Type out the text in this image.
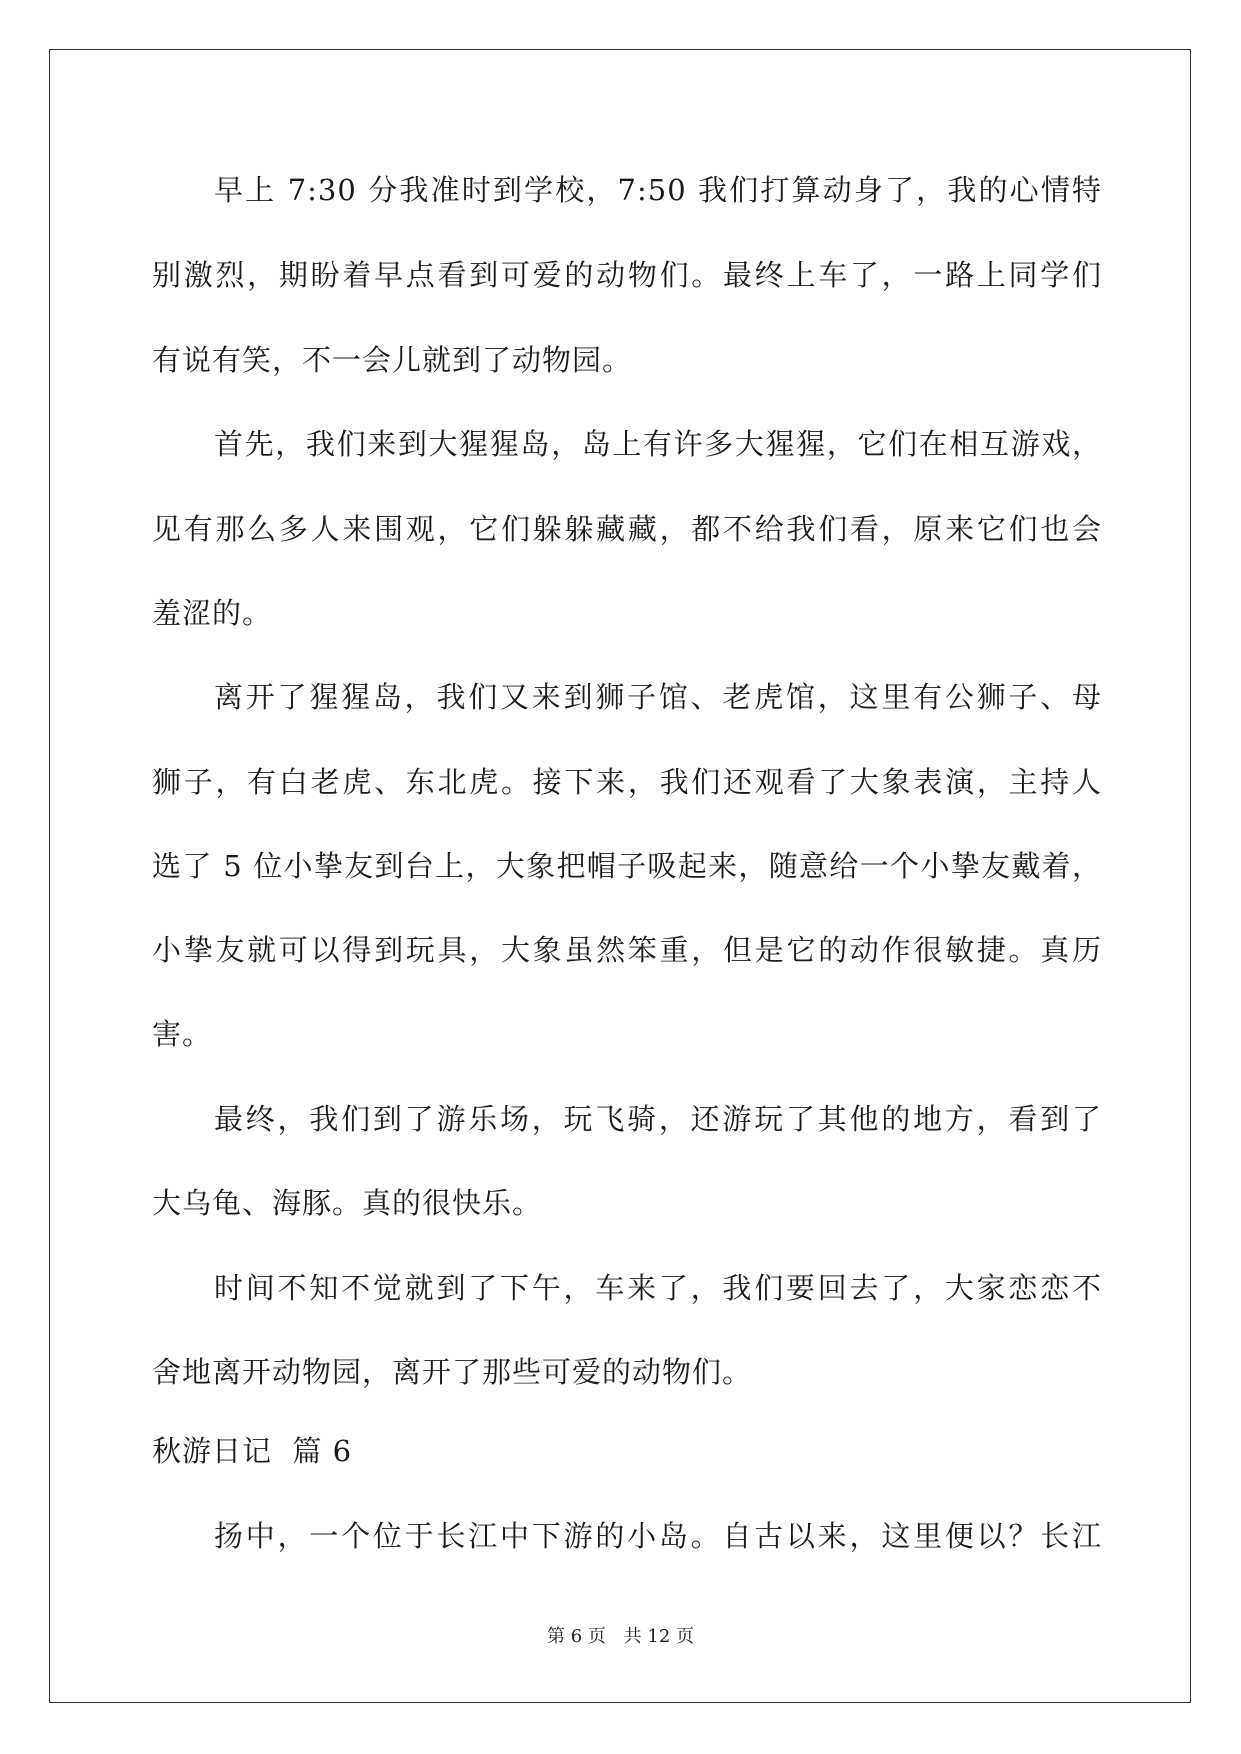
早上 7:30 分我准时到学校，7:50 我们打算动身了，我的心情特
别激烈，期盼着早点看到可爱的动物们。最终上车了，一路上同学们
有说有笑，不一会儿就到了动物园。
首先，我们来到大猩猩岛，岛上有许多大猩猩，它们在相互游戏，
见有那么多人来围观，它们躲躲藏藏，都不给我们看，原来它们也会
羞涩的。
离开了猩猩岛，我们又来到狮子馆、老虎馆，这里有公狮子、母
狮子，有白老虎、东北虎。接下来，我们还观看了大象表演，主持人
选了 5 位小挚友到台上，大象把帽子吸起来，随意给一个小挚友戴着，
小挚友就可以得到玩具，大象虽然笨重，但是它的动作很敏捷。真历
害。
最终，我们到了游乐场，玩飞骑，还游玩了其他的地方，看到了
大乌龟、海豚。真的很快乐。
时间不知不觉就到了下午，车来了，我们要回去了，大家恋恋不
舍地离开动物园，离开了那些可爱的动物们。
秋游日记  篇 6
扬中，一个位于长江中下游的小岛。自古以来，这里便以？长江
第 6 页 共 12 页
